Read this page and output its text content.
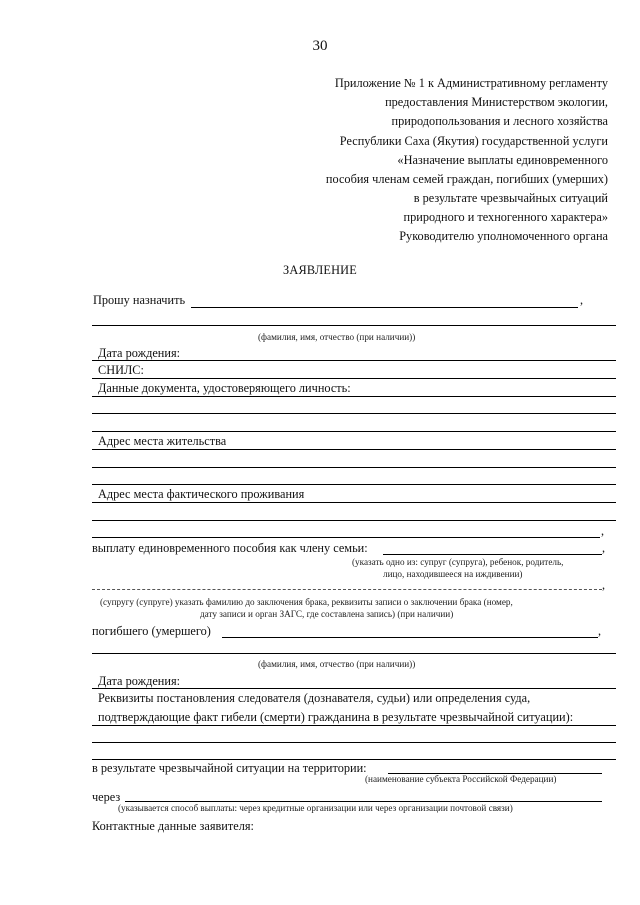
30
Приложение № 1 к Административному регламенту
предоставления Министерством экологии,
природопользования и лесного хозяйства
Республики Саха (Якутия) государственной услуги
«Назначение выплаты единовременного
пособия членам семей граждан, погибших (умерших)
в результате чрезвычайных ситуаций
природного и техногенного характера»
Руководителю уполномоченного органа
ЗАЯВЛЕНИЕ
Прошу назначить	,
(фамилия, имя, отчество (при наличии))
Дата рождения:
СНИЛС:
Данные документа, удостоверяющего личность:
Адрес места жительства
Адрес места фактического проживания
,
выплату единовременного пособия как члену семьи:	,
(указать одно из: супруг (супруга), ребенок, родитель,
лицо, находившееся на иждивении)
,
(супругу (супруге) указать фамилию до заключения брака, реквизиты записи о заключении брака (номер,
дату записи и орган ЗАГС, где составлена запись) (при наличии)
погибшего (умершего)	,
(фамилия, имя, отчество (при наличии))
Дата рождения:
Реквизиты постановления следователя (дознавателя, судьи) или определения суда,
подтверждающие факт гибели (смерти) гражданина в результате чрезвычайной ситуации):
в результате чрезвычайной ситуации на территории:
(наименование субъекта Российской Федерации)
через
(указывается способ выплаты: через кредитные организации или через организации почтовой связи)
Контактные данные заявителя:
